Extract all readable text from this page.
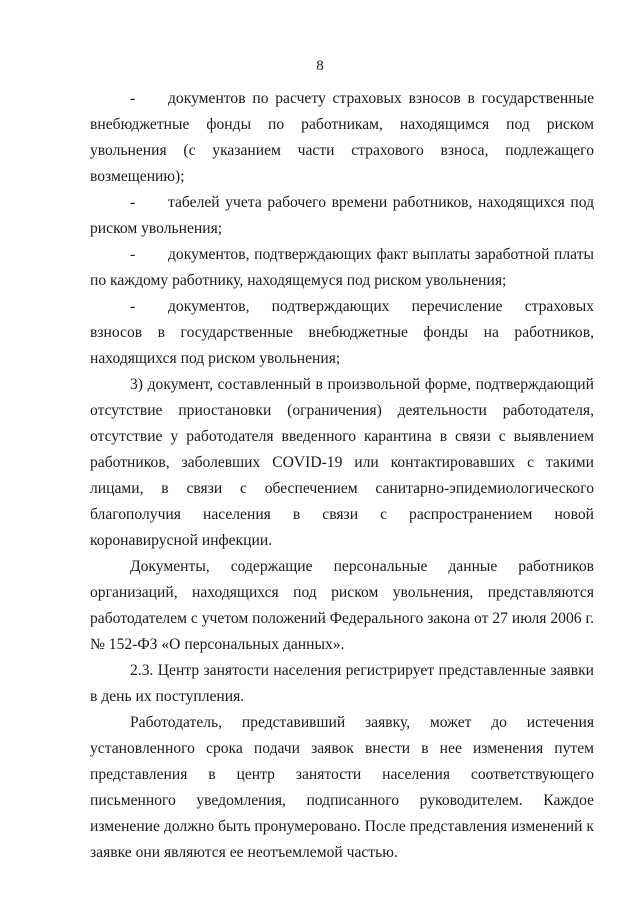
8

- документов по расчету страховых взносов в государственные внебюджетные фонды по работникам, находящимся под риском увольнения (с указанием части страхового взноса, подлежащего возмещению);

- табелей учета рабочего времени работников, находящихся под риском увольнения;

- документов, подтверждающих факт выплаты заработной платы по каждому работнику, находящемуся под риском увольнения;

- документов, подтверждающих перечисление страховых взносов в государственные внебюджетные фонды на работников, находящихся под риском увольнения;

3) документ, составленный в произвольной форме, подтверждающий отсутствие приостановки (ограничения) деятельности работодателя, отсутствие у работодателя введенного карантина в связи с выявлением работников, заболевших COVID-19 или контактировавших с такими лицами, в связи с обеспечением санитарно-эпидемиологического благополучия населения в связи с распространением новой коронавирусной инфекции.

Документы, содержащие персональные данные работников организаций, находящихся под риском увольнения, представляются работодателем с учетом положений Федерального закона от 27 июля 2006 г. № 152-ФЗ «О персональных данных».

2.3. Центр занятости населения регистрирует представленные заявки в день их поступления.

Работодатель, представивший заявку, может до истечения установленного срока подачи заявок внести в нее изменения путем представления в центр занятости населения соответствующего письменного уведомления, подписанного руководителем. Каждое изменение должно быть пронумеровано. После представления изменений к заявке они являются ее неотъемлемой частью.
